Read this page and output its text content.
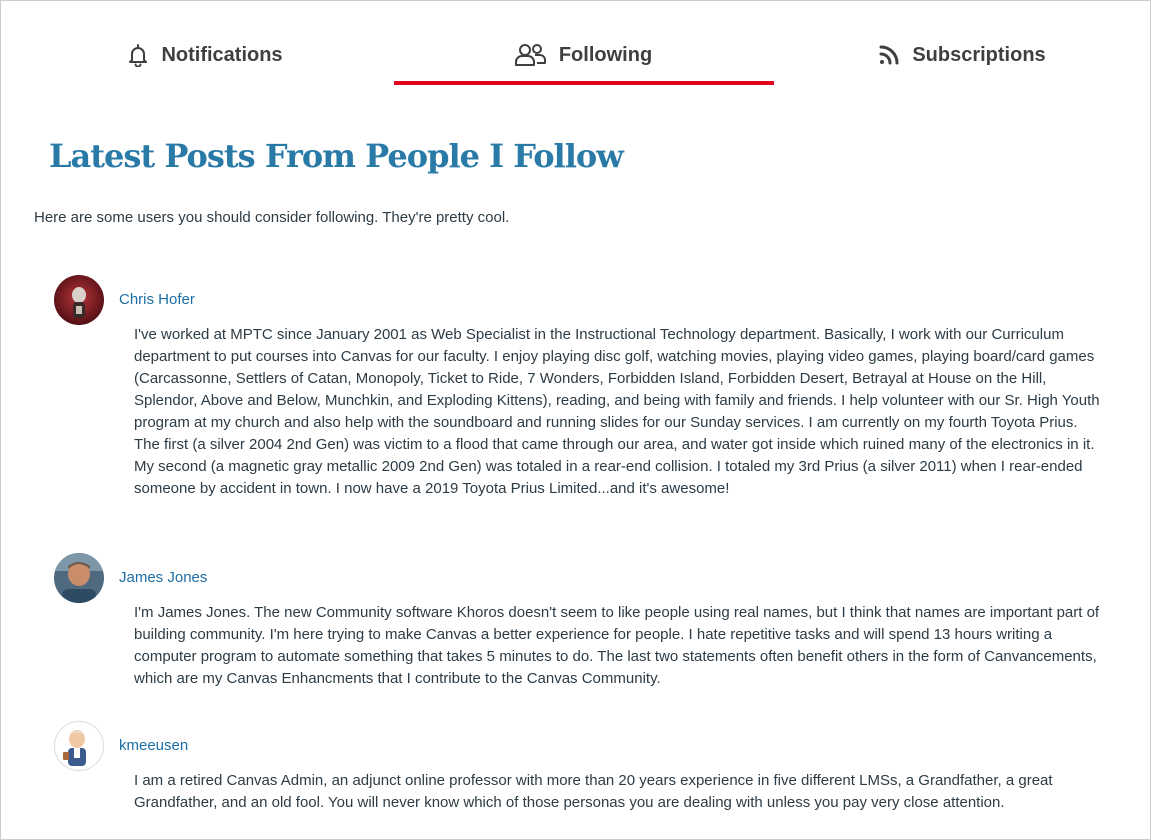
Notifications	Following	Subscriptions
Latest Posts From People I Follow
Here are some users you should consider following. They're pretty cool.
Chris Hofer

I've worked at MPTC since January 2001 as Web Specialist in the Instructional Technology department. Basically, I work with our Curriculum department to put courses into Canvas for our faculty. I enjoy playing disc golf, watching movies, playing video games, playing board/card games (Carcassonne, Settlers of Catan, Monopoly, Ticket to Ride, 7 Wonders, Forbidden Island, Forbidden Desert, Betrayal at House on the Hill, Splendor, Above and Below, Munchkin, and Exploding Kittens), reading, and being with family and friends. I help volunteer with our Sr. High Youth program at my church and also help with the soundboard and running slides for our Sunday services. I am currently on my fourth Toyota Prius. The first (a silver 2004 2nd Gen) was victim to a flood that came through our area, and water got inside which ruined many of the electronics in it. My second (a magnetic gray metallic 2009 2nd Gen) was totaled in a rear-end collision. I totaled my 3rd Prius (a silver 2011) when I rear-ended someone by accident in town. I now have a 2019 Toyota Prius Limited...and it's awesome!

James Jones

I'm James Jones. The new Community software Khoros doesn't seem to like people using real names, but I think that names are important part of building community. I'm here trying to make Canvas a better experience for people. I hate repetitive tasks and will spend 13 hours writing a computer program to automate something that takes 5 minutes to do. The last two statements often benefit others in the form of Canvancements, which are my Canvas Enhancments that I contribute to the Canvas Community.

kmeeusen

I am a retired Canvas Admin, an adjunct online professor with more than 20 years experience in five different LMSs, a Grandfather, a great Grandfather, and an old fool. You will never know which of those personas you are dealing with unless you pay very close attention.
